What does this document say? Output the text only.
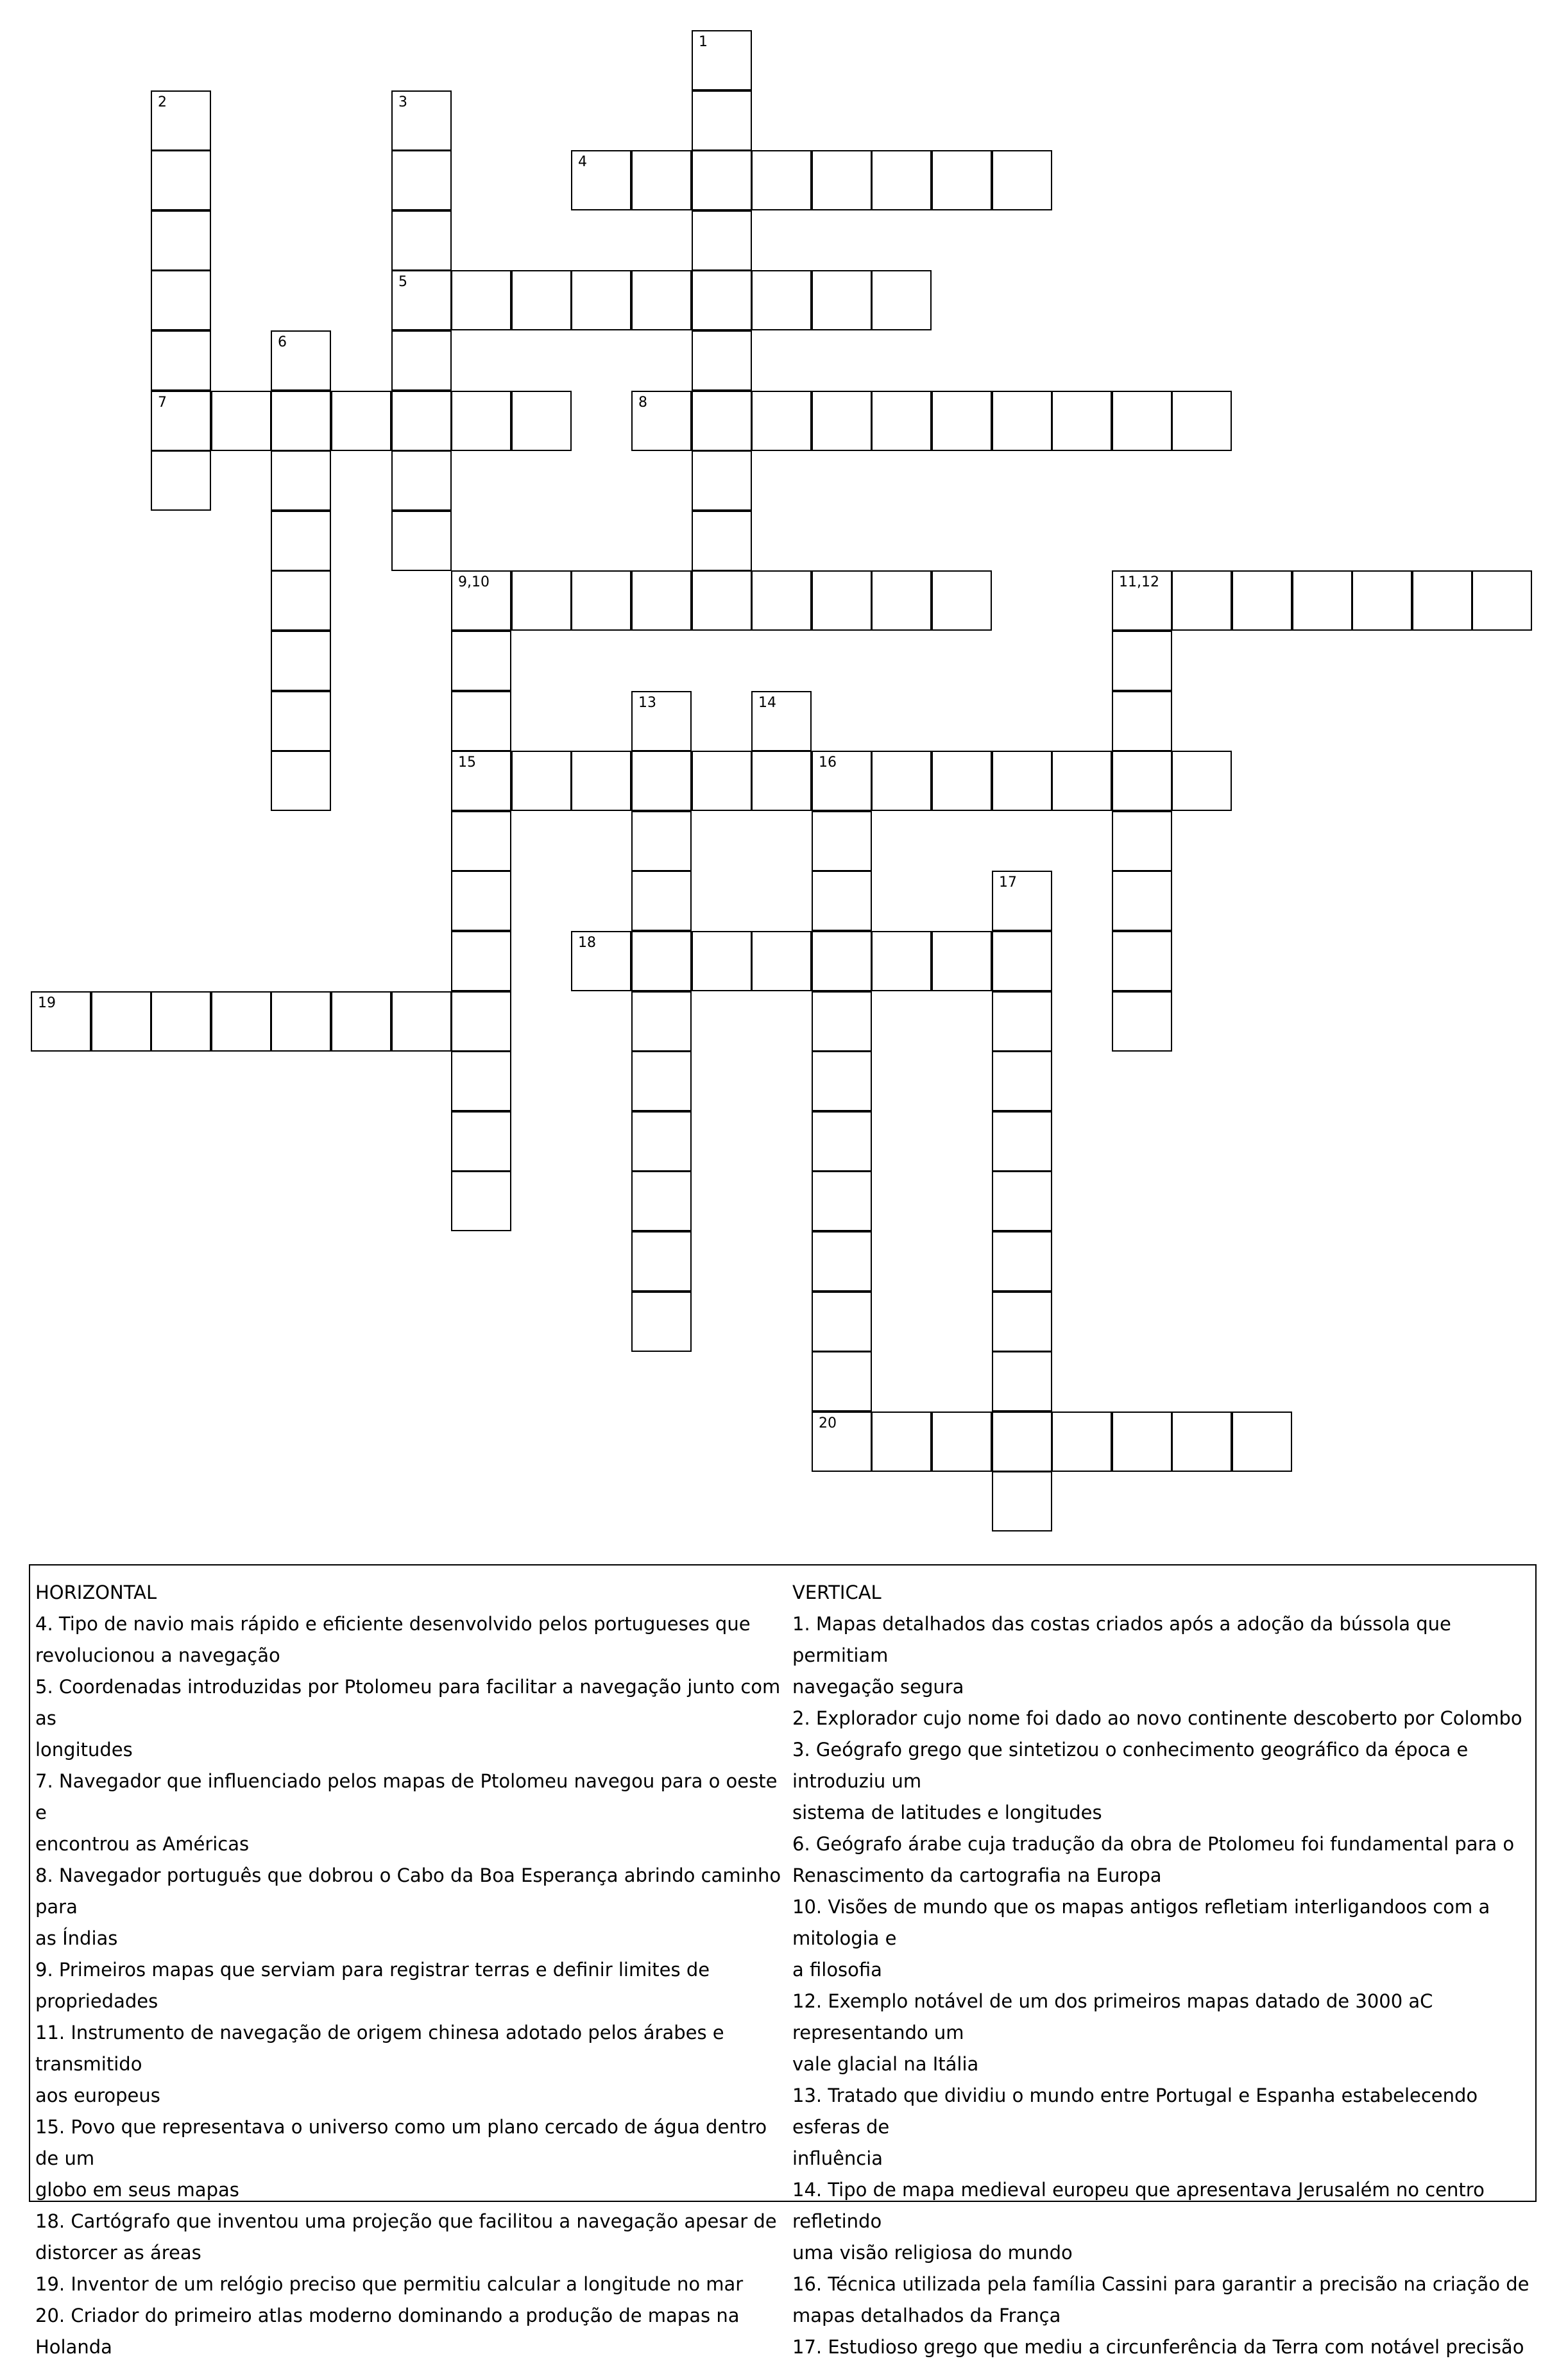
1
2
7
3
5
4
6
8
9,10
15
11,12
13	14
16
17
18
19
20
HORIZONTAL
4. Tipo de navio mais rápido e eficiente desenvolvido pelos portugueses que
revolucionou a navegação
5. Coordenadas introduzidas por Ptolomeu para facilitar a navegação junto com as
longitudes
7. Navegador que influenciado pelos mapas de Ptolomeu navegou para o oeste e
encontrou as Américas
8. Navegador português que dobrou o Cabo da Boa Esperança abrindo caminho para
as Índias
9. Primeiros mapas que serviam para registrar terras e definir limites de propriedades
11. Instrumento de navegação de origem chinesa adotado pelos árabes e transmitido
aos europeus
15. Povo que representava o universo como um plano cercado de água dentro de um
globo em seus mapas
18. Cartógrafo que inventou uma projeção que facilitou a navegação apesar de
distorcer as áreas
19. Inventor de um relógio preciso que permitiu calcular a longitude no mar
20. Criador do primeiro atlas moderno dominando a produção de mapas na Holanda
VERTICAL
1. Mapas detalhados das costas criados após a adoção da bússola que permitiam
navegação segura
2. Explorador cujo nome foi dado ao novo continente descoberto por Colombo
3. Geógrafo grego que sintetizou o conhecimento geográfico da época e introduziu um
sistema de latitudes e longitudes
6. Geógrafo árabe cuja tradução da obra de Ptolomeu foi fundamental para o
Renascimento da cartografia na Europa
10. Visões de mundo que os mapas antigos refletiam interligandoos com a mitologia e
a filosofia
12. Exemplo notável de um dos primeiros mapas datado de 3000 aC representando um
vale glacial na Itália
13. Tratado que dividiu o mundo entre Portugal e Espanha estabelecendo esferas de
influência
14. Tipo de mapa medieval europeu que apresentava Jerusalém no centro refletindo
uma visão religiosa do mundo
16. Técnica utilizada pela família Cassini para garantir a precisão na criação de
mapas detalhados da França
17. Estudioso grego que mediu a circunferência da Terra com notável precisão
